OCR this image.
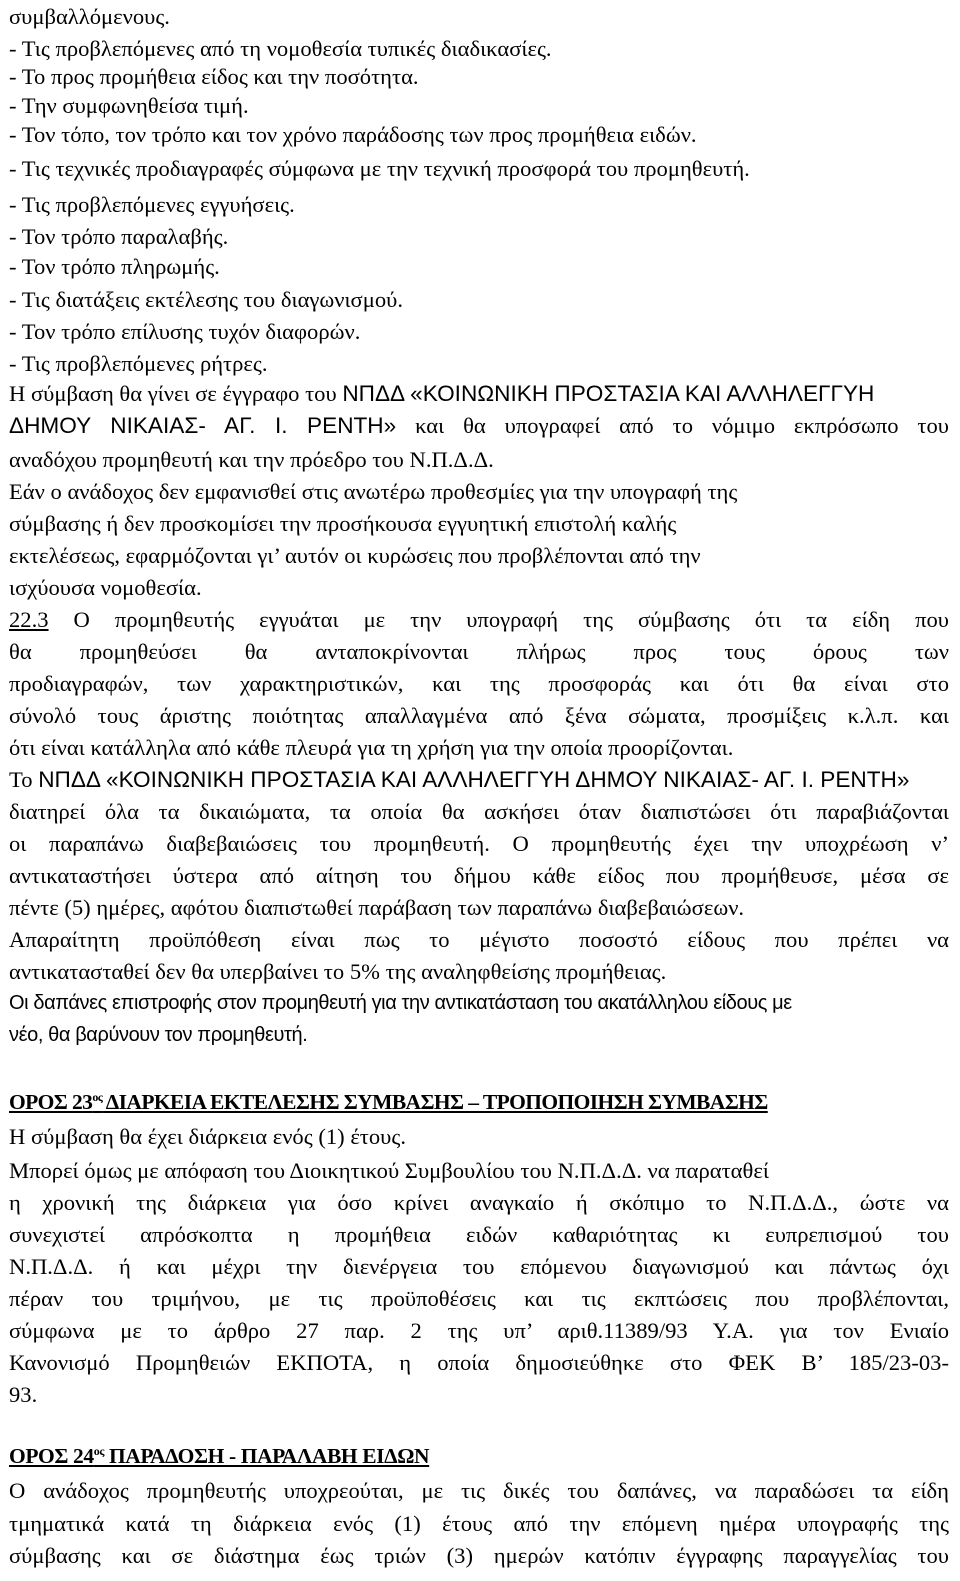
συμβαλλόμενους.
- Τις προβλεπόμενες από τη νομοθεσία τυπικές διαδικασίες.
- Το προς προμήθεια είδος και την ποσότητα.
- Την συμφωνηθείσα τιμή.
- Τον τόπο, τον τρόπο και τον χρόνο παράδοσης των προς προμήθεια ειδών.
- Τις τεχνικές προδιαγραφές σύμφωνα με την τεχνική προσφορά του προμηθευτή.
- Τις προβλεπόμενες εγγυήσεις.
- Τον τρόπο παραλαβής.
- Τον τρόπο πληρωμής.
- Τις διατάξεις εκτέλεσης του διαγωνισμού.
- Τον τρόπο επίλυσης τυχόν διαφορών.
- Τις προβλεπόμενες ρήτρες.
Η σύμβαση θα γίνει σε έγγραφο του ΝΠΔΔ «ΚΟΙΝΩΝΙΚΗ ΠΡΟΣΤΑΣΙΑ ΚΑΙ ΑΛΛΗΛΕΓΓΥΗ
ΔΗΜΟΥ ΝΙΚΑΙΑΣ- ΑΓ. Ι. ΡΕΝΤΗ» και θα υπογραφεί από το νόμιμο εκπρόσωπο του
αναδόχου προμηθευτή και την πρόεδρο του Ν.Π.Δ.Δ.
Εάν ο ανάδοχος δεν εμφανισθεί στις ανωτέρω προθεσμίες για την υπογραφή της
σύμβασης ή δεν προσκομίσει την προσήκουσα εγγυητική επιστολή καλής
εκτελέσεως, εφαρμόζονται γι’ αυτόν οι κυρώσεις που προβλέπονται από την
ισχύουσα νομοθεσία.
22.3 Ο προμηθευτής εγγυάται με την υπογραφή της σύμβασης ότι τα είδη που
θα προμηθεύσει θα ανταποκρίνονται πλήρως προς τους όρους των
προδιαγραφών, των χαρακτηριστικών, και της προσφοράς και ότι θα είναι στο
σύνολό τους άριστης ποιότητας απαλλαγμένα από ξένα σώματα, προσμίξεις κ.λ.π. και
ότι είναι κατάλληλα από κάθε πλευρά για τη χρήση για την οποία προορίζονται.
Το ΝΠΔΔ «ΚΟΙΝΩΝΙΚΗ ΠΡΟΣΤΑΣΙΑ ΚΑΙ ΑΛΛΗΛΕΓΓΥΗ ΔΗΜΟΥ ΝΙΚΑΙΑΣ- ΑΓ. Ι. ΡΕΝΤΗ»
διατηρεί όλα τα δικαιώματα, τα οποία θα ασκήσει όταν διαπιστώσει ότι παραβιάζονται
οι παραπάνω διαβεβαιώσεις του προμηθευτή. Ο προμηθευτής έχει την υποχρέωση ν’
αντικαταστήσει ύστερα από αίτηση του δήμου κάθε είδος που προμήθευσε, μέσα σε
πέντε (5) ημέρες, αφότου διαπιστωθεί παράβαση των παραπάνω διαβεβαιώσεων.
Απαραίτητη προϋπόθεση είναι πως το μέγιστο ποσοστό είδους που πρέπει να
αντικατασταθεί δεν θα υπερβαίνει το 5% της αναληφθείσης προμήθειας.
Οι δαπάνες επιστροφής στον προμηθευτή για την αντικατάσταση του ακατάλληλου είδους με
νέο, θα βαρύνουν τον προμηθευτή.
ΟΡΟΣ $23^{o\varsigma}$ ΔΙΑΡΚΕΙΑ ΕΚΤΕΛΕΣΗΣ ΣΥΜΒΑΣΗΣ – ΤΡΟΠΟΠΟΙΗΣΗ ΣΥΜΒΑΣΗΣ
Η σύμβαση θα έχει διάρκεια ενός (1) έτους.
Μπορεί όμως με απόφαση του Διοικητικού Συμβουλίου του Ν.Π.Δ.Δ. να παραταθεί
η χρονική της διάρκεια για όσο κρίνει αναγκαίο ή σκόπιμο το Ν.Π.Δ.Δ., ώστε να
συνεχιστεί απρόσκοπτα η προμήθεια ειδών καθαριότητας κι ευπρεπισμού του
Ν.Π.Δ.Δ. ή και μέχρι την διενέργεια του επόμενου διαγωνισμού και πάντως όχι
πέραν του τριμήνου, με τις προϋποθέσεις και τις εκπτώσεις που προβλέπονται,
σύμφωνα με το άρθρο 27 παρ. 2 της υπ’ αριθ.11389/93 Υ.Α. για τον Ενιαίο
Κανονισμό Προμηθειών ΕΚΠΟΤΑ, η οποία δημοσιεύθηκε στο ΦΕΚ Β’ 185/23-03-
93.
ΟΡΟΣ $24^{o\varsigma}$ ΠΑΡΑΔΟΣΗ - ΠΑΡΑΛΑΒΗ ΕΙΔΩΝ
Ο ανάδοχος προμηθευτής υποχρεούται, με τις δικές του δαπάνες, να παραδώσει τα είδη
τμηματικά κατά τη διάρκεια ενός (1) έτους από την επόμενη ημέρα υπογραφής της
σύμβασης και σε διάστημα έως τριών (3) ημερών κατόπιν έγγραφης παραγγελίας του
